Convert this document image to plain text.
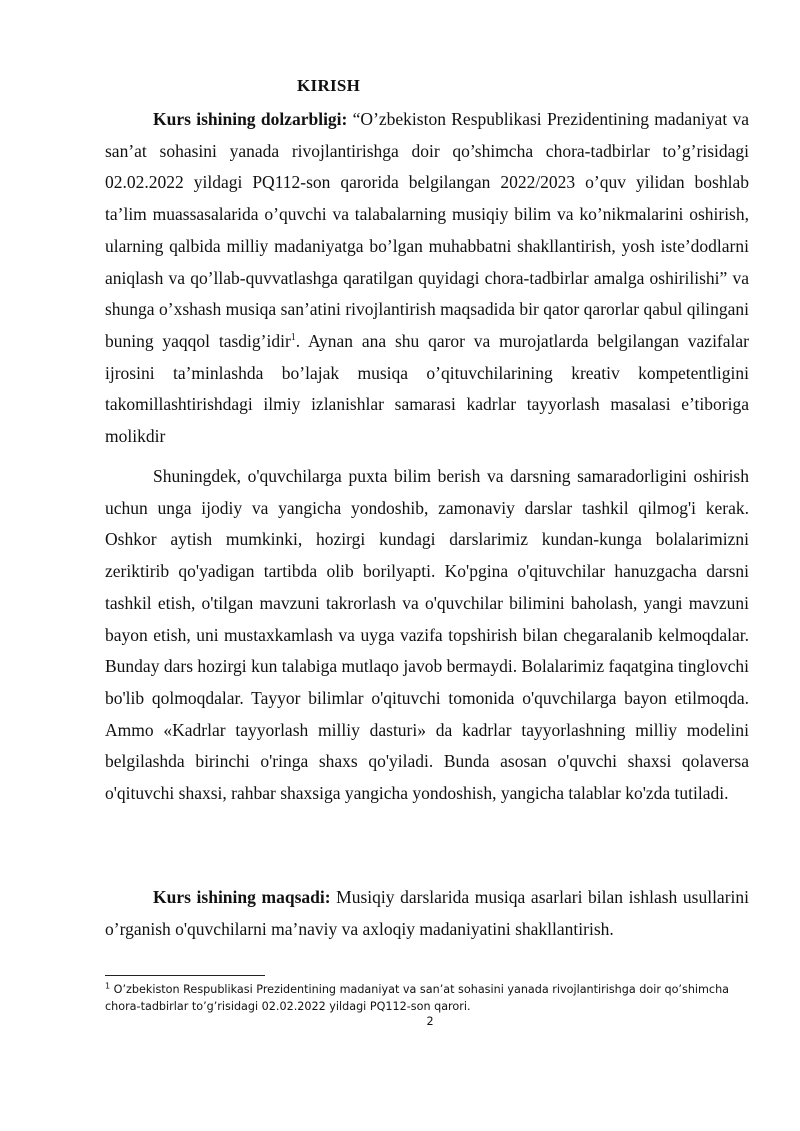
KIRISH

Kurs ishining dolzarbligi: “O’zbekiston Respublikasi Prezidentining madaniyat va san’at sohasini yanada rivojlantirishga doir qo’shimcha chora-tadbirlar to’g’risidagi 02.02.2022 yildagi PQ112-son qarorida belgilangan 2022/2023 o’quv yilidan boshlab ta’lim muassasalarida o’quvchi va talabalarning musiqiy bilim va ko’nikmalarini oshirish, ularning qalbida milliy madaniyatga bo’lgan muhabbatni shakllantirish, yosh iste’dodlarni aniqlash va qo’llab-quvvatlashga qaratilgan quyidagi chora-tadbirlar amalga oshirilishi” va shunga o’xshash musiqa san’atini rivojlantirish maqsadida bir qator qarorlar qabul qilingani buning yaqqol tasdig’idir$^1$. Aynan ana shu qaror va murojatlarda belgilangan vazifalar ijrosini ta’minlashda bo’lajak musiqa o’qituvchilarining kreativ kompetentligini takomillashtirishdagi ilmiy izlanishlar samarasi kadrlar tayyorlash masalasi e’tiboriga molikdir

Shuningdek, o'quvchilarga puxta bilim berish va darsning samaradorligini oshirish uchun unga ijodiy va yangicha yondoshib, zamonaviy darslar tashkil qilmog'i kerak. Oshkor aytish mumkinki, hozirgi kundagi darslarimiz kundan-kunga bolalarimizni zeriktirib qo'yadigan tartibda olib borilyapti. Ko'pgina o'qituvchilar hanuzgacha darsni tashkil etish, o'tilgan mavzuni takrorlash va o'quvchilar bilimini baholash, yangi mavzuni bayon etish, uni mustaxkamlash va uyga vazifa topshirish bilan chegaralanib kelmoqdalar. Bunday dars hozirgi kun talabiga mutlaqo javob bermaydi. Bolalarimiz faqatgina tinglovchi bo'lib qolmoqdalar. Tayyor bilimlar o'qituvchi tomonida o'quvchilarga bayon etilmoqda. Ammo «Kadrlar tayyorlash milliy dasturi» da kadrlar tayyorlashning milliy modelini belgilashda birinchi o'ringa shaxs qo'yiladi. Bunda asosan o'quvchi shaxsi qolaversa o'qituvchi shaxsi, rahbar shaxsiga yangicha yondoshish, yangicha talablar ko'zda tutiladi.

Kurs ishining maqsadi: Musiqiy darslarida musiqa asarlari bilan ishlash usullarini o’rganish o'quvchilarni ma’naviy va axloqiy madaniyatini shakllantirish.

$^1$ O’zbekiston Respublikasi Prezidentining madaniyat va san’at sohasini yanada rivojlantirishga doir qo’shimcha chora-tadbirlar to’g’risidagi 02.02.2022 yildagi PQ112-son qarori.

2
